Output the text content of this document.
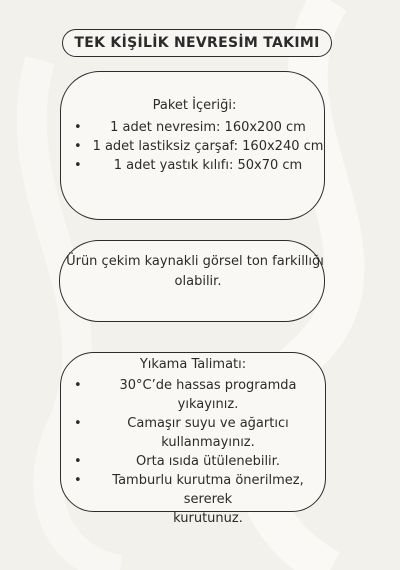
TEK KİŞİLİK NEVRESİM TAKIMI
Paket İçeriği:
• 1 adet nevresim: 160x200 cm
• 1 adet lastiksiz çarşaf: 160x240 cm
• 1 adet yastık kılıfı: 50x70 cm
Ürün çekim kaynakli görsel ton farkillığı
olabilir.
Yıkama Talimatı:
•	30°C’de hassas programda yıkayınız.
•	Camaşır suyu ve ağartıcı
kullanmayınız.
•	Orta ısıda ütülenebilir.
•	Tamburlu kurutma önerilmez, sererek
kurutunuz.
